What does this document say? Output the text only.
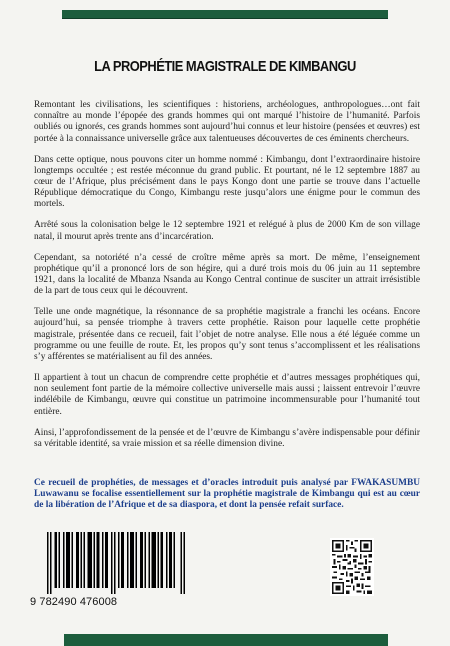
LA PROPHÉTIE MAGISTRALE DE KIMBANGU

Remontant les civilisations, les scientifiques : historiens, archéologues, anthropologues…ont fait connaître au monde l’épopée des grands hommes qui ont marqué l’histoire de l’humanité. Parfois oubliés ou ignorés, ces grands hommes sont aujourd’hui connus et leur histoire (pensées et œuvres) est portée à la connaissance universelle grâce aux talentueuses découvertes de ces éminents chercheurs.

Dans cette optique, nous pouvons citer un homme nommé : Kimbangu, dont l’extraordinaire histoire longtemps occultée ; est restée méconnue du grand public. Et pourtant, né le 12 septembre 1887 au cœur de l’Afrique, plus précisément dans le pays Kongo dont une partie se trouve dans l’actuelle République démocratique du Congo, Kimbangu reste jusqu’alors une énigme pour le commun des mortels.

Arrêté sous la colonisation belge le 12 septembre 1921 et relégué à plus de 2000 Km de son village natal, il mourut après trente ans d’incarcération.

Cependant, sa notoriété n’a cessé de croître même après sa mort. De même, l’enseignement prophétique qu’il a prononcé lors de son hégire, qui a duré trois mois du 06 juin au 11 septembre 1921, dans la localité de Mbanza Nsanda au Kongo Central continue de susciter un attrait irrésistible de la part de tous ceux qui le découvrent.

Telle une onde magnétique, la résonnance de sa prophétie magistrale a franchi les océans. Encore aujourd’hui, sa pensée triomphe à travers cette prophétie. Raison pour laquelle cette prophétie magistrale, présentée dans ce recueil, fait l’objet de notre analyse. Elle nous a été léguée comme un programme ou une feuille de route. Et, les propos qu’y sont tenus s’accomplissent et les réalisations s’y afférentes se matérialisent au fil des années.

Il appartient à tout un chacun de comprendre cette prophétie et d’autres messages prophétiques qui, non seulement font partie de la mémoire collective universelle mais aussi ; laissent entrevoir l’œuvre indélébile de Kimbangu, œuvre qui constitue un patrimoine incommensurable pour l’humanité tout entière.

Ainsi, l’approfondissement de la pensée et de l’œuvre de Kimbangu s’avère indispensable pour définir sa véritable identité, sa vraie mission et sa réelle dimension divine.

Ce recueil de prophéties, de messages et d’oracles introduit puis analysé par FWAKASUMBU Luwawanu se focalise essentiellement sur la prophétie magistrale de Kimbangu qui est au cœur de la libération de l’Afrique et de sa diaspora, et dont la pensée refait surface.

9 782490 476008
